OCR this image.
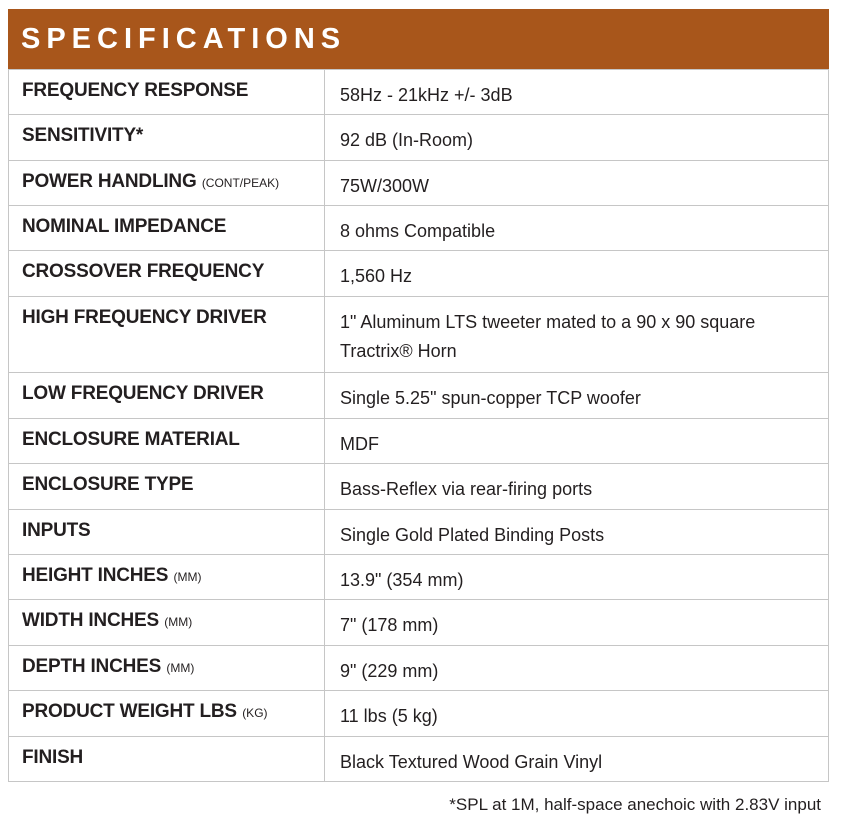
SPECIFICATIONS
FREQUENCY RESPONSE	58Hz - 21kHz +/- 3dB

SENSITIVITY*	92 dB (In-Room)

POWER HANDLING (CONT/PEAK)	75W/300W

NOMINAL IMPEDANCE	8 ohms Compatible

CROSSOVER FREQUENCY	1,560 Hz

HIGH FREQUENCY DRIVER	1" Aluminum LTS tweeter mated to a 90 x 90 square Tractrix® Horn

LOW FREQUENCY DRIVER	Single 5.25" spun-copper TCP woofer

ENCLOSURE MATERIAL	MDF

ENCLOSURE TYPE	Bass-Reflex via rear-firing ports

INPUTS	Single Gold Plated Binding Posts

HEIGHT INCHES (MM)	13.9" (354 mm)

WIDTH INCHES (MM)	7" (178 mm)

DEPTH INCHES (MM)	9" (229 mm)

PRODUCT WEIGHT LBS (KG)	11 lbs (5 kg)

FINISH	Black Textured Wood Grain Vinyl
*SPL at 1M, half-space anechoic with 2.83V input
